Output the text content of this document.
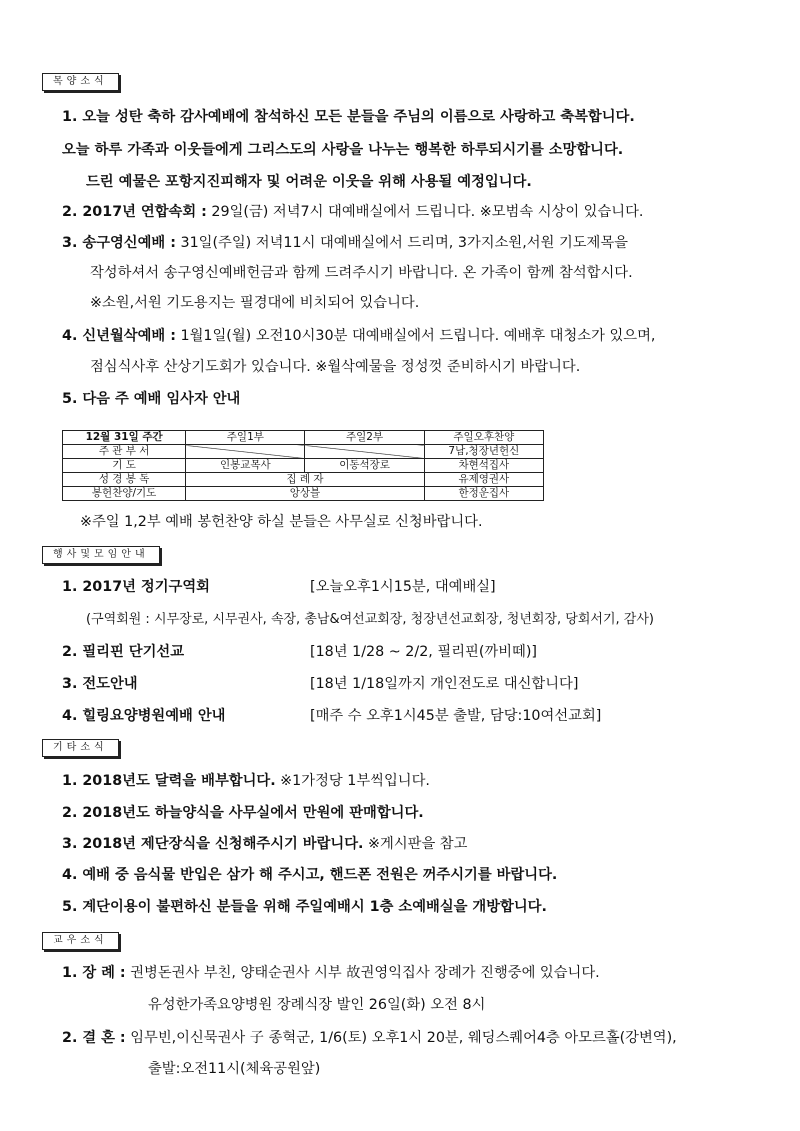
목양소식
1. 오늘 성탄 축하 감사예배에 참석하신 모든 분들을 주님의 이름으로 사랑하고 축복합니다.
오늘 하루 가족과 이웃들에게 그리스도의 사랑을 나누는 행복한 하루되시기를 소망합니다.
드린 예물은 포항지진피해자 및 어려운 이웃을 위해 사용될 예정입니다.
2. 2017년 연합속회 : 29일(금) 저녁7시 대예배실에서 드립니다. ※모범속 시상이 있습니다.
3. 송구영신예배 : 31일(주일) 저녁11시 대예배실에서 드리며, 3가지소원,서원 기도제목을
작성하셔서 송구영신예배헌금과 함께 드려주시기 바랍니다. 온 가족이 함께 참석합시다.
※소원,서원 기도용지는 필경대에 비치되어 있습니다.
4. 신년월삭예배 : 1월1일(월) 오전10시30분 대예배실에서 드립니다. 예배후 대청소가 있으며,
점심식사후 산상기도회가 있습니다. ※월삭예물을 정성껏 준비하시기 바랍니다.
5. 다음 주 예배 임사자 안내
12월 31일 주간	주일1부	주일2부	주일오후찬양
주 관 부 서			7남,청장년헌신
기 도	인봉교목사	이동석장로	차현석집사
성 경 봉 독	집 례 자		유제영권사
봉헌찬양/기도	앙상블		한정운집사
※주일 1,2부 예배 봉헌찬양 하실 분들은 사무실로 신청바랍니다.
행사및모임안내
1. 2017년 정기구역회	[오늘오후1시15분, 대예배실]
(구역회원 : 시무장로, 시무권사, 속장, 총남&여선교회장, 청장년선교회장, 청년회장, 당회서기, 감사)
2. 필리핀 단기선교	[18년 1/28 ~ 2/2, 필리핀(까비떼)]
3. 전도안내	[18년 1/18일까지 개인전도로 대신합니다]
4. 힐링요양병원예배 안내	[매주 수 오후1시45분 출발, 담당:10여선교회]
기타소식
1. 2018년도 달력을 배부합니다. ※1가정당 1부씩입니다.
2. 2018년도 하늘양식을 사무실에서 만원에 판매합니다.
3. 2018년 제단장식을 신청해주시기 바랍니다. ※게시판을 참고
4. 예배 중 음식물 반입은 삼가 해 주시고, 핸드폰 전원은 꺼주시기를 바랍니다.
5. 계단이용이 불편하신 분들을 위해 주일예배시 1층 소예배실을 개방합니다.
교우소식
1. 장 례 : 권병돈권사 부친, 양태순권사 시부 故권영익집사 장례가 진행중에 있습니다.
유성한가족요양병원 장례식장 발인 26일(화) 오전 8시
2. 결 혼 : 임무빈,이신묵권사 子 종혁군, 1/6(토) 오후1시 20분, 웨딩스퀘어4층 아모르홀(강변역),
출발:오전11시(체육공원앞)
